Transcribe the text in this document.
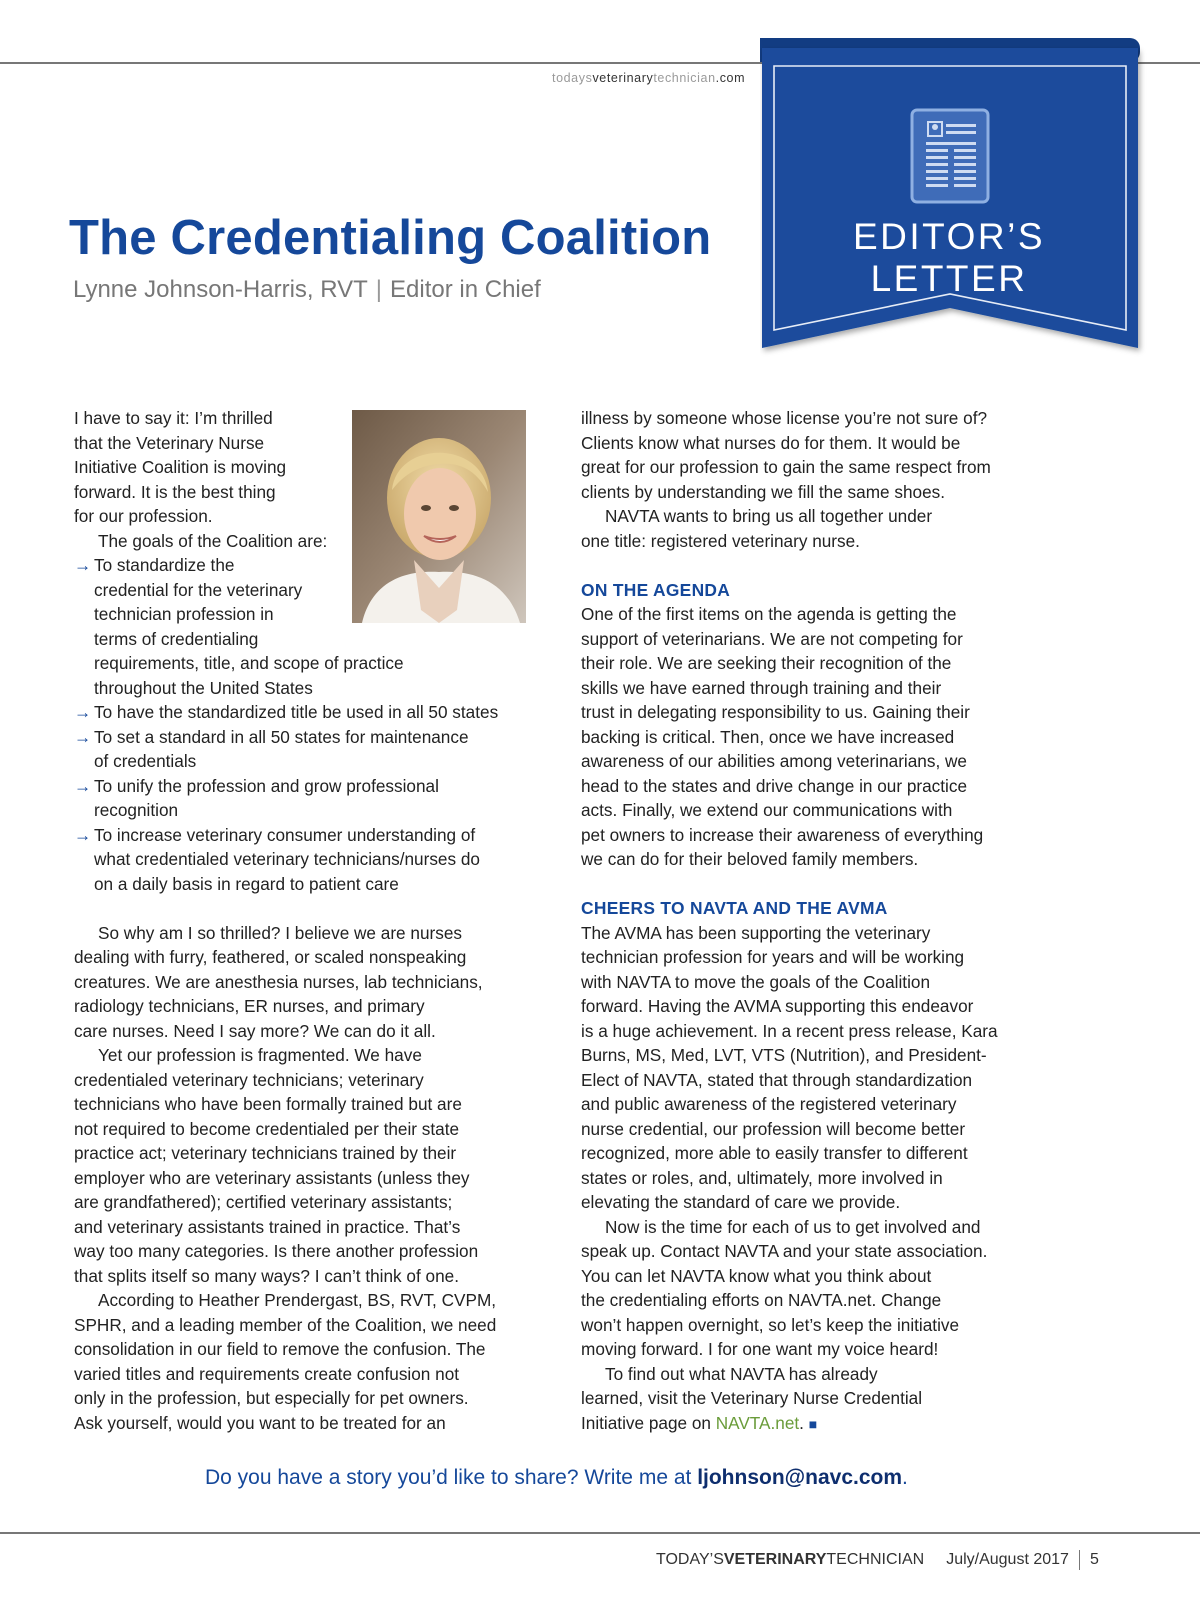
todaysveterinarytechnician.com
EDITOR’S
LETTER
The Credentialing Coalition
Lynne Johnson-Harris, RVT | Editor in Chief
I have to say it: I’m thrilled
that the Veterinary Nurse
Initiative Coalition is moving
forward. It is the best thing
for our profession.
The goals of the Coalition are:
→ To standardize the
credential for the veterinary
technician profession in
terms of credentialing
requirements, title, and scope of practice
throughout the United States
→ To have the standardized title be used in all 50 states
→ To set a standard in all 50 states for maintenance
of credentials
→ To unify the profession and grow professional
recognition
→ To increase veterinary consumer understanding of
what credentialed veterinary technicians/nurses do
on a daily basis in regard to patient care
So why am I so thrilled? I believe we are nurses
dealing with furry, feathered, or scaled nonspeaking
creatures. We are anesthesia nurses, lab technicians,
radiology technicians, ER nurses, and primary
care nurses. Need I say more? We can do it all.
Yet our profession is fragmented. We have
credentialed veterinary technicians; veterinary
technicians who have been formally trained but are
not required to become credentialed per their state
practice act; veterinary technicians trained by their
employer who are veterinary assistants (unless they
are grandfathered); certified veterinary assistants;
and veterinary assistants trained in practice. That’s
way too many categories. Is there another profession
that splits itself so many ways? I can’t think of one.
According to Heather Prendergast, BS, RVT, CVPM,
SPHR, and a leading member of the Coalition, we need
consolidation in our field to remove the confusion. The
varied titles and requirements create confusion not
only in the profession, but especially for pet owners.
Ask yourself, would you want to be treated for an
illness by someone whose license you’re not sure of?
Clients know what nurses do for them. It would be
great for our profession to gain the same respect from
clients by understanding we fill the same shoes.
NAVTA wants to bring us all together under
one title: registered veterinary nurse.
ON THE AGENDA
One of the first items on the agenda is getting the
support of veterinarians. We are not competing for
their role. We are seeking their recognition of the
skills we have earned through training and their
trust in delegating responsibility to us. Gaining their
backing is critical. Then, once we have increased
awareness of our abilities among veterinarians, we
head to the states and drive change in our practice
acts. Finally, we extend our communications with
pet owners to increase their awareness of everything
we can do for their beloved family members.
CHEERS TO NAVTA AND THE AVMA
The AVMA has been supporting the veterinary
technician profession for years and will be working
with NAVTA to move the goals of the Coalition
forward. Having the AVMA supporting this endeavor
is a huge achievement. In a recent press release, Kara
Burns, MS, Med, LVT, VTS (Nutrition), and President-
Elect of NAVTA, stated that through standardization
and public awareness of the registered veterinary
nurse credential, our profession will become better
recognized, more able to easily transfer to different
states or roles, and, ultimately, more involved in
elevating the standard of care we provide.
Now is the time for each of us to get involved and
speak up. Contact NAVTA and your state association.
You can let NAVTA know what you think about
the credentialing efforts on NAVTA.net. Change
won’t happen overnight, so let’s keep the initiative
moving forward. I for one want my voice heard!
To find out what NAVTA has already
learned, visit the Veterinary Nurse Credential
Initiative page on NAVTA.net. ■
Do you have a story you’d like to share? Write me at ljohnson@navc.com.
TODAY’SVETERINARYTECHNICIAN July/August 2017 5
